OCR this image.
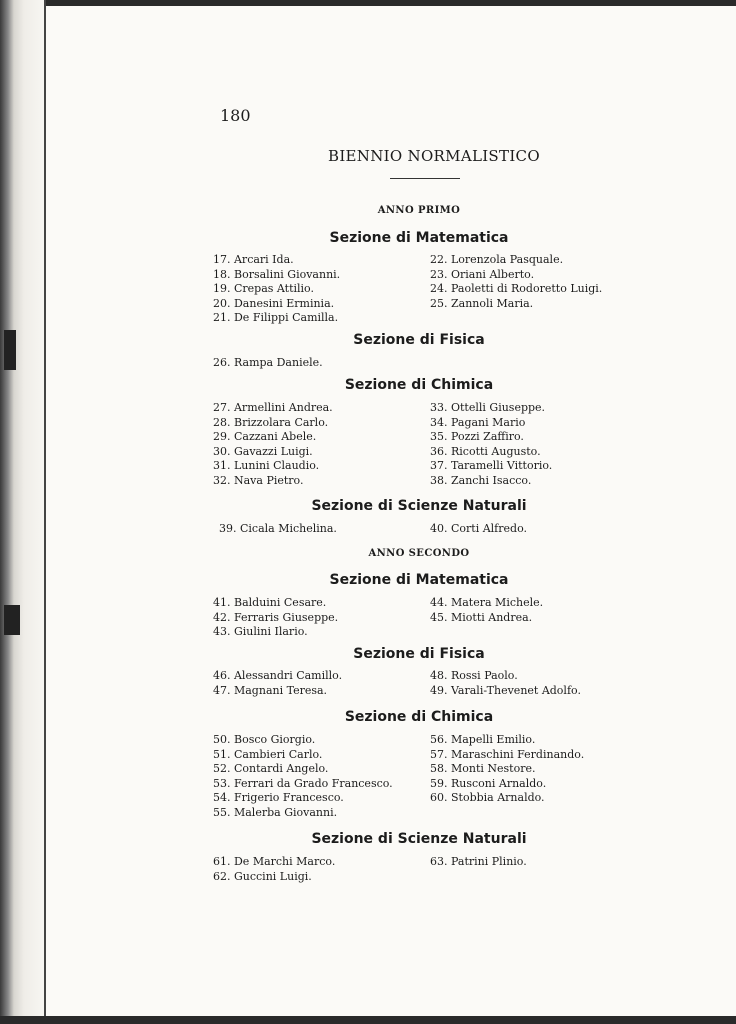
180
BIENNIO NORMALISTICO
ANNO PRIMO
Sezione di Matematica
17. Arcari Ida.
18. Borsalini Giovanni.
19. Crepas Attilio.
20. Danesini Erminia.
21. De Filippi Camilla.
22. Lorenzola Pasquale.
23. Oriani Alberto.
24. Paoletti di Rodoretto Luigi.
25. Zannoli Maria.
Sezione di Fisica
26. Rampa Daniele.
Sezione di Chimica
27. Armellini Andrea.
28. Brizzolara Carlo.
29. Cazzani Abele.
30. Gavazzi Luigi.
31. Lunini Claudio.
32. Nava Pietro.
33. Ottelli Giuseppe.
34. Pagani Mario
35. Pozzi Zaffiro.
36. Ricotti Augusto.
37. Taramelli Vittorio.
38. Zanchi Isacco.
Sezione di Scienze Naturali
39. Cicala Michelina.	40. Corti Alfredo.
ANNO SECONDO
Sezione di Matematica
41. Balduini Cesare.
42. Ferraris Giuseppe.
43. Giulini Ilario.
44. Matera Michele.
45. Miotti Andrea.
Sezione di Fisica
46. Alessandri Camillo.
47. Magnani Teresa.
48. Rossi Paolo.
49. Varali-Thevenet Adolfo.
Sezione di Chimica
50. Bosco Giorgio.
51. Cambieri Carlo.
52. Contardi Angelo.
53. Ferrari da Grado Francesco.
54. Frigerio Francesco.
55. Malerba Giovanni.
56. Mapelli Emilio.
57. Maraschini Ferdinando.
58. Monti Nestore.
59. Rusconi Arnaldo.
60. Stobbia Arnaldo.
Sezione di Scienze Naturali
61. De Marchi Marco.
62. Guccini Luigi.
63. Patrini Plinio.
